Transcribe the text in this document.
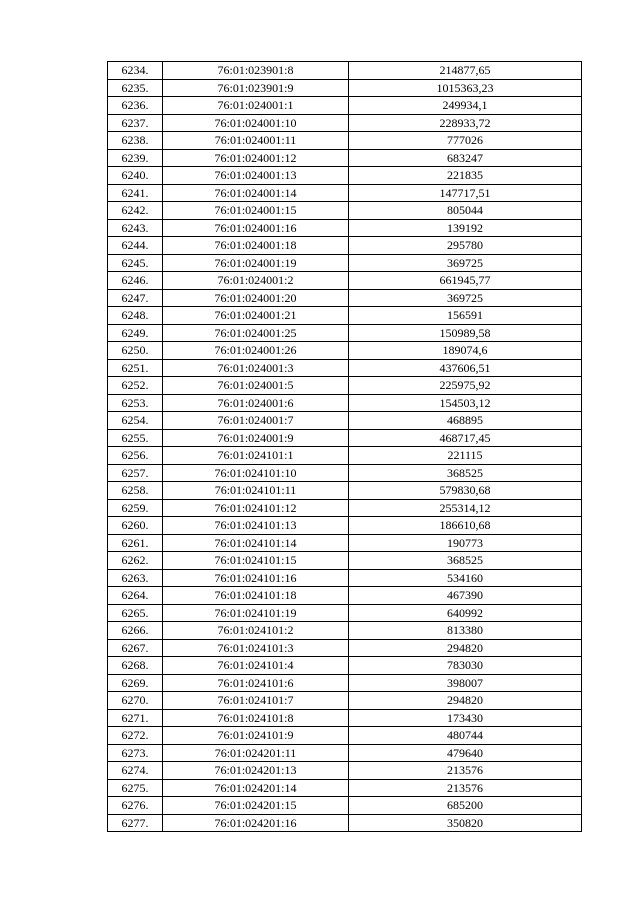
6234.	76:01:023901:8	214877,65
6235.	76:01:023901:9	1015363,23
6236.	76:01:024001:1	249934,1
6237.	76:01:024001:10	228933,72
6238.	76:01:024001:11	777026
6239.	76:01:024001:12	683247
6240.	76:01:024001:13	221835
6241.	76:01:024001:14	147717,51
6242.	76:01:024001:15	805044
6243.	76:01:024001:16	139192
6244.	76:01:024001:18	295780
6245.	76:01:024001:19	369725
6246.	76:01:024001:2	661945,77
6247.	76:01:024001:20	369725
6248.	76:01:024001:21	156591
6249.	76:01:024001:25	150989,58
6250.	76:01:024001:26	189074,6
6251.	76:01:024001:3	437606,51
6252.	76:01:024001:5	225975,92
6253.	76:01:024001:6	154503,12
6254.	76:01:024001:7	468895
6255.	76:01:024001:9	468717,45
6256.	76:01:024101:1	221115
6257.	76:01:024101:10	368525
6258.	76:01:024101:11	579830,68
6259.	76:01:024101:12	255314,12
6260.	76:01:024101:13	186610,68
6261.	76:01:024101:14	190773
6262.	76:01:024101:15	368525
6263.	76:01:024101:16	534160
6264.	76:01:024101:18	467390
6265.	76:01:024101:19	640992
6266.	76:01:024101:2	813380
6267.	76:01:024101:3	294820
6268.	76:01:024101:4	783030
6269.	76:01:024101:6	398007
6270.	76:01:024101:7	294820
6271.	76:01:024101:8	173430
6272.	76:01:024101:9	480744
6273.	76:01:024201:11	479640
6274.	76:01:024201:13	213576
6275.	76:01:024201:14	213576
6276.	76:01:024201:15	685200
6277.	76:01:024201:16	350820
